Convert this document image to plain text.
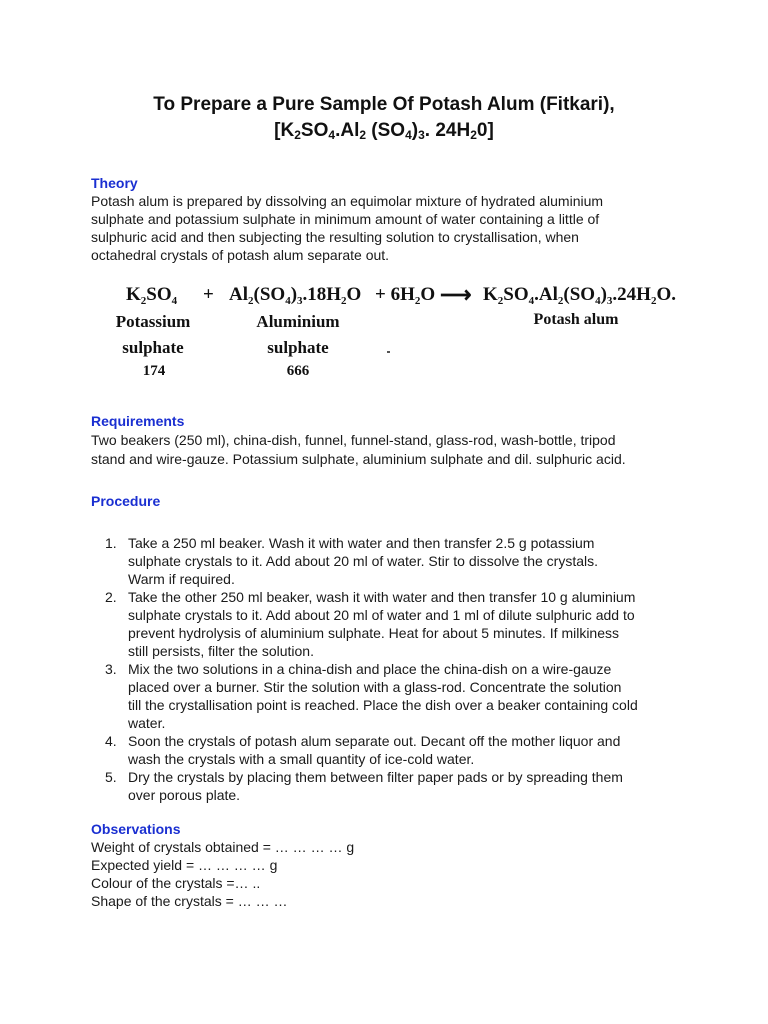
To Prepare a Pure Sample Of Potash Alum (Fitkari),
[$K_2SO_4.Al_2$ $(SO_4)_3$. $24H_20$]
Theory
Potash alum is prepared by dissolving an equimolar mixture of hydrated aluminium
sulphate and potassium sulphate in minimum amount of water containing a little of
sulphuric acid and then subjecting the resulting solution to crystallisation, when
octahedral crystals of potash alum separate out.
$K_2SO_4 + Al_2(SO_4)_3.18H_2O + 6H_2O$ ⟶ $K_2SO_4.Al_2(SO_4)_3.24H_2O$.
Potassium
sulphate
Aluminium
sulphate
Potash alum
174	666
Requirements
Two beakers (250 ml), china-dish, funnel, funnel-stand, glass-rod, wash-bottle, tripod
stand and wire-gauze. Potassium sulphate, aluminium sulphate and dil. sulphuric acid.
Procedure
1. Take a 250 ml beaker. Wash it with water and then transfer 2.5 g potassium
sulphate crystals to it. Add about 20 ml of water. Stir to dissolve the crystals.
Warm if required.
2. Take the other 250 ml beaker, wash it with water and then transfer 10 g aluminium
sulphate crystals to it. Add about 20 ml of water and 1 ml of dilute sulphuric add to
prevent hydrolysis of aluminium sulphate. Heat for about 5 minutes. If milkiness
still persists, filter the solution.
3. Mix the two solutions in a china-dish and place the china-dish on a wire-gauze
placed over a burner. Stir the solution with a glass-rod. Concentrate the solution
till the crystallisation point is reached. Place the dish over a beaker containing cold
water.
4. Soon the crystals of potash alum separate out. Decant off the mother liquor and
wash the crystals with a small quantity of ice-cold water.
5. Dry the crystals by placing them between filter paper pads or by spreading them
over porous plate.
Observations
Weight of crystals obtained = … … … … g
Expected yield = … … … … g
Colour of the crystals =… ..
Shape of the crystals = … … …
